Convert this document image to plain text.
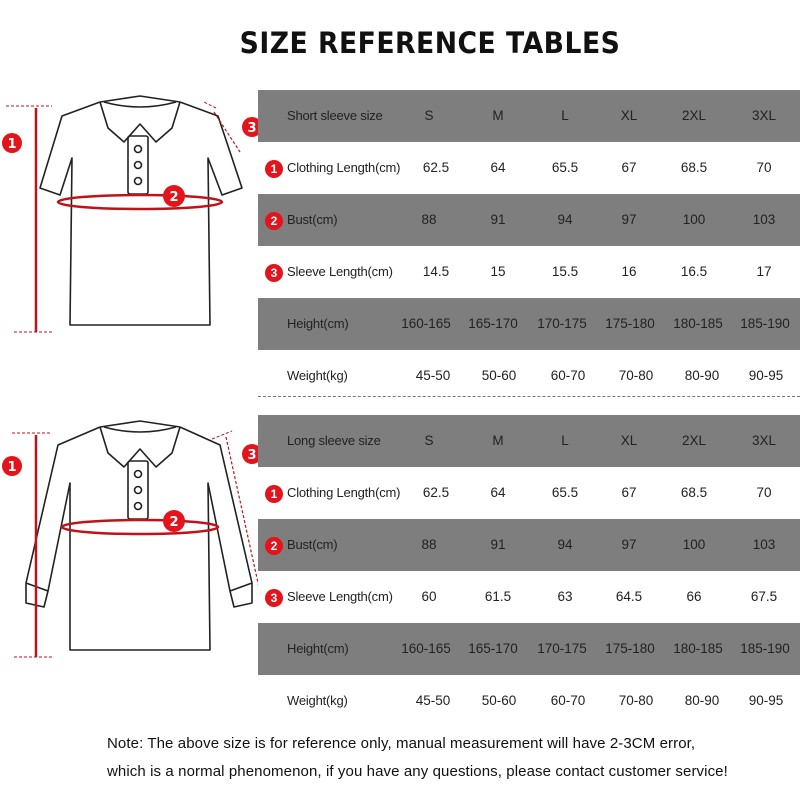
SIZE REFERENCE TABLES
1
2
3
1
2
3
Short sleeve size	S	M	L	XL	2XL	3XL
1 Clothing Length(cm)	62.5	64	65.5	67	68.5	70
2 Bust(cm)	88	91	94	97	100	103
3 Sleeve Length(cm)	14.5	15	15.5	16	16.5	17
Height(cm)	160-165	165-170	170-175	175-180	180-185	185-190
Weight(kg)	45-50	50-60	60-70	70-80	80-90	90-95
Long sleeve size	S	M	L	XL	2XL	3XL
1 Clothing Length(cm)	62.5	64	65.5	67	68.5	70
2 Bust(cm)	88	91	94	97	100	103
3 Sleeve Length(cm)	60	61.5	63	64.5	66	67.5
Height(cm)	160-165	165-170	170-175	175-180	180-185	185-190
Weight(kg)	45-50	50-60	60-70	70-80	80-90	90-95
Note: The above size is for reference only, manual measurement will have 2-3CM error,
which is a normal phenomenon, if you have any questions, please contact customer service!
